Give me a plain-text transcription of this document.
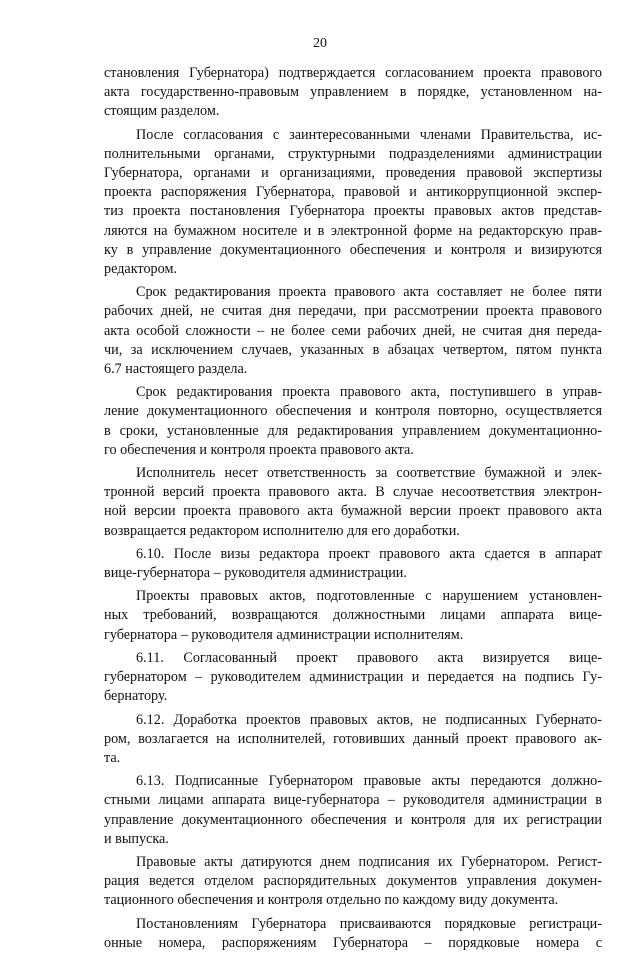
20

становления Губернатора) подтверждается согласованием проекта правового
акта государственно-правовым управлением в порядке, установленном на-
стоящим разделом.

После согласования с заинтересованными членами Правительства, ис-
полнительными органами, структурными подразделениями администрации
Губернатора, органами и организациями, проведения правовой экспертизы
проекта распоряжения Губернатора, правовой и антикоррупционной экспер-
тиз проекта постановления Губернатора проекты правовых актов представ-
ляются на бумажном носителе и в электронной форме на редакторскую прав-
ку в управление документационного обеспечения и контроля и визируются
редактором.

Срок редактирования проекта правового акта составляет не более пяти
рабочих дней, не считая дня передачи, при рассмотрении проекта правового
акта особой сложности – не более семи рабочих дней, не считая дня переда-
чи, за исключением случаев, указанных в абзацах четвертом, пятом пункта
6.7 настоящего раздела.

Срок редактирования проекта правового акта, поступившего в управ-
ление документационного обеспечения и контроля повторно, осуществляется
в сроки, установленные для редактирования управлением документационно-
го обеспечения и контроля проекта правового акта.

Исполнитель несет ответственность за соответствие бумажной и элек-
тронной версий проекта правового акта. В случае несоответствия электрон-
ной версии проекта правового акта бумажной версии проект правового акта
возвращается редактором исполнителю для его доработки.

6.10. После визы редактора проект правового акта сдается в аппарат
вице-губернатора – руководителя администрации.

Проекты правовых актов, подготовленные с нарушением установлен-
ных требований, возвращаются должностными лицами аппарата вице-
губернатора – руководителя администрации исполнителям.

6.11. Согласованный проект правового акта визируется вице-
губернатором – руководителем администрации и передается на подпись Гу-
бернатору.

6.12. Доработка проектов правовых актов, не подписанных Губернато-
ром, возлагается на исполнителей, готовивших данный проект правового ак-
та.

6.13. Подписанные Губернатором правовые акты передаются должно-
стными лицами аппарата вице-губернатора – руководителя администрации в
управление документационного обеспечения и контроля для их регистрации
и выпуска.

Правовые акты датируются днем подписания их Губернатором. Регист-
рация ведется отделом распорядительных документов управления докумен-
тационного обеспечения и контроля отдельно по каждому виду документа.

Постановлениям Губернатора присваиваются порядковые регистраци-
онные номера, распоряжениям Губернатора – порядковые номера с
